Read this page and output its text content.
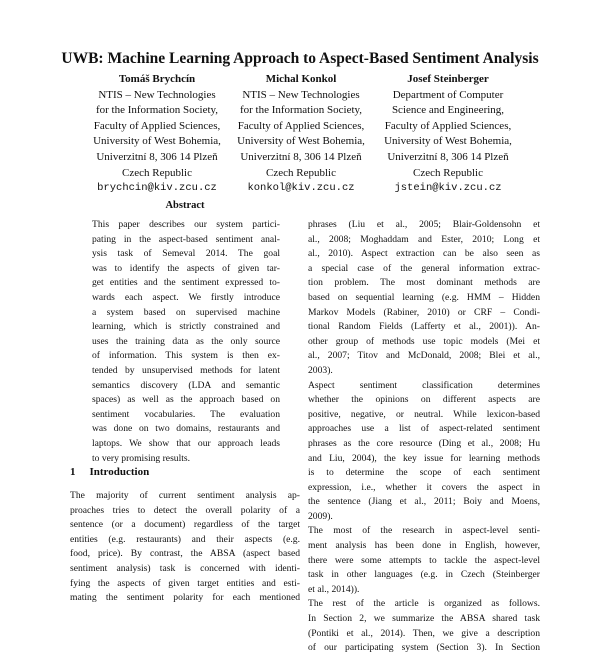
UWB: Machine Learning Approach to Aspect-Based Sentiment Analysis
Tomáš Brychcín
NTIS – New Technologies
for the Information Society,
Faculty of Applied Sciences,
University of West Bohemia,
Univerzitní 8, 306 14 Plzeň
Czech Republic
brychcin@kiv.zcu.cz
Michal Konkol
NTIS – New Technologies
for the Information Society,
Faculty of Applied Sciences,
University of West Bohemia,
Univerzitní 8, 306 14 Plzeň
Czech Republic
konkol@kiv.zcu.cz
Josef Steinberger
Department of Computer
Science and Engineering,
Faculty of Applied Sciences,
University of West Bohemia,
Univerzitní 8, 306 14 Plzeň
Czech Republic
jstein@kiv.zcu.cz
Abstract
This paper describes our system partici-
pating in the aspect-based sentiment anal-
ysis task of Semeval 2014. The goal
was to identify the aspects of given tar-
get entities and the sentiment expressed to-
wards each aspect. We firstly introduce
a system based on supervised machine
learning, which is strictly constrained and
uses the training data as the only source
of information. This system is then ex-
tended by unsupervised methods for latent
semantics discovery (LDA and semantic
spaces) as well as the approach based on
sentiment vocabularies. The evaluation
was done on two domains, restaurants and
laptops. We show that our approach leads
to very promising results.
1 Introduction
The majority of current sentiment analysis ap-
proaches tries to detect the overall polarity of a
sentence (or a document) regardless of the target
entities (e.g. restaurants) and their aspects (e.g.
food, price). By contrast, the ABSA (aspect based
sentiment analysis) task is concerned with identi-
fying the aspects of given target entities and esti-
mating the sentiment polarity for each mentioned
phrases (Liu et al., 2005; Blair-Goldensohn et
al., 2008; Moghaddam and Ester, 2010; Long et
al., 2010). Aspect extraction can be also seen as
a special case of the general information extrac-
tion problem. The most dominant methods are
based on sequential learning (e.g. HMM – Hidden
Markov Models (Rabiner, 2010) or CRF – Condi-
tional Random Fields (Lafferty et al., 2001)). An-
other group of methods use topic models (Mei et
al., 2007; Titov and McDonald, 2008; Blei et al.,
2003).
Aspect sentiment classification determines
whether the opinions on different aspects are
positive, negative, or neutral. While lexicon-based
approaches use a list of aspect-related sentiment
phrases as the core resource (Ding et al., 2008; Hu
and Liu, 2004), the key issue for learning methods
is to determine the scope of each sentiment
expression, i.e., whether it covers the aspect in
the sentence (Jiang et al., 2011; Boiy and Moens,
2009).
The most of the research in aspect-level senti-
ment analysis has been done in English, however,
there were some attempts to tackle the aspect-level
task in other languages (e.g. in Czech (Steinberger
et al., 2014)).
The rest of the article is organized as follows.
In Section 2, we summarize the ABSA shared task
(Pontiki et al., 2014). Then, we give a description
of our participating system (Section 3). In Section
